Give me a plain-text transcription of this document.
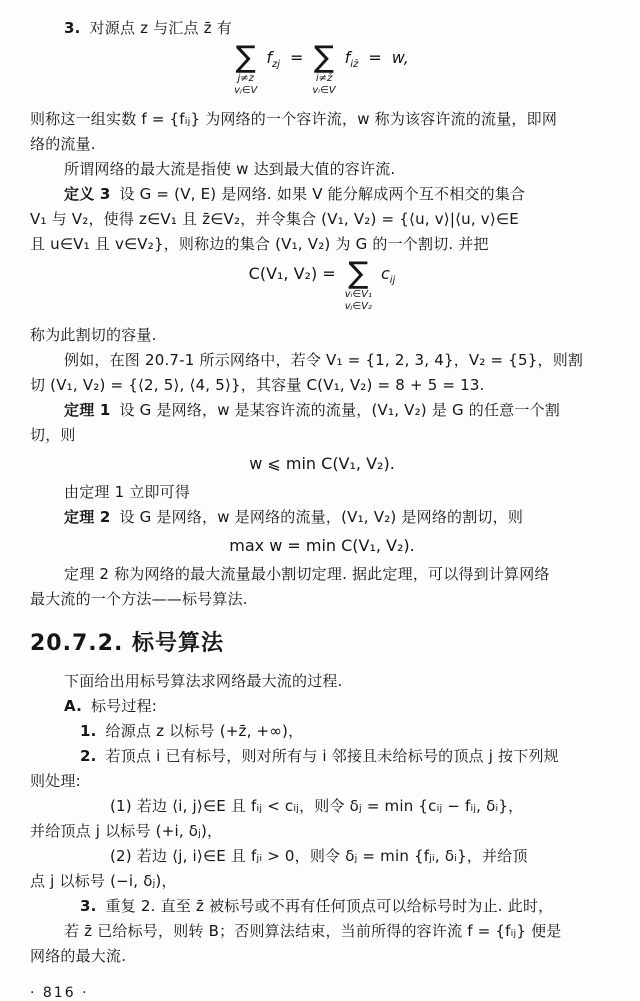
3. 对源点 z 与汇点 z̄ 有
∑
j≠z
vⱼ∈V
$f_{zj}$ = ∑
i≠z̄
vᵢ∈V
$f_{iz̄} = w$,
则称这一组实数 f = {fᵢⱼ} 为网络的一个容许流，w 称为该容许流的流量，即网
络的流量.
所谓网络的最大流是指使 w 达到最大值的容许流.
定义 3 设 G = (V, E) 是网络. 如果 V 能分解成两个互不相交的集合
V₁ 与 V₂，使得 z∈V₁ 且 z̄∈V₂，并令集合 (V₁, V₂) = {⟨u, v⟩|⟨u, v⟩∈E
且 u∈V₁ 且 v∈V₂}，则称边的集合 (V₁, V₂) 为 G 的一个割切. 并把
C(V₁, V₂) = ∑
vᵢ∈V₁
vⱼ∈V₂
$c_{ij}$
称为此割切的容量.
例如，在图 20.7-1 所示网络中，若令 V₁ = {1, 2, 3, 4}，V₂ = {5}，则割
切 (V₁, V₂) = {⟨2, 5⟩, ⟨4, 5⟩}，其容量 C(V₁, V₂) = 8 + 5 = 13.
定理 1 设 G 是网络，w 是某容许流的流量，(V₁, V₂) 是 G 的任意一个割
切，则
w ⩽ min C(V₁, V₂).
由定理 1 立即可得
定理 2 设 G 是网络，w 是网络的流量，(V₁, V₂) 是网络的割切，则
max w = min C(V₁, V₂).
定理 2 称为网络的最大流量最小割切定理. 据此定理，可以得到计算网络
最大流的一个方法——标号算法.
20.7.2. 标号算法
下面给出用标号算法求网络最大流的过程.
A. 标号过程:
1. 给源点 z 以标号 (+z̄, +∞)，
2. 若顶点 i 已有标号，则对所有与 i 邻接且未给标号的顶点 j 按下列规
则处理:
(1) 若边 ⟨i, j⟩∈E 且 fᵢⱼ < cᵢⱼ，则令 δⱼ = min {cᵢⱼ − fᵢⱼ, δᵢ}，
并给顶点 j 以标号 (+i, δⱼ)，
(2) 若边 ⟨j, i⟩∈E 且 fⱼᵢ > 0，则令 δⱼ = min {fⱼᵢ, δᵢ}，并给顶
点 j 以标号 (−i, δⱼ)，
3. 重复 2. 直至 z̄ 被标号或不再有任何顶点可以给标号时为止. 此时，
若 z̄ 已给标号，则转 B；否则算法结束，当前所得的容许流 f = {fᵢⱼ} 便是
网络的最大流.
· 816 ·
